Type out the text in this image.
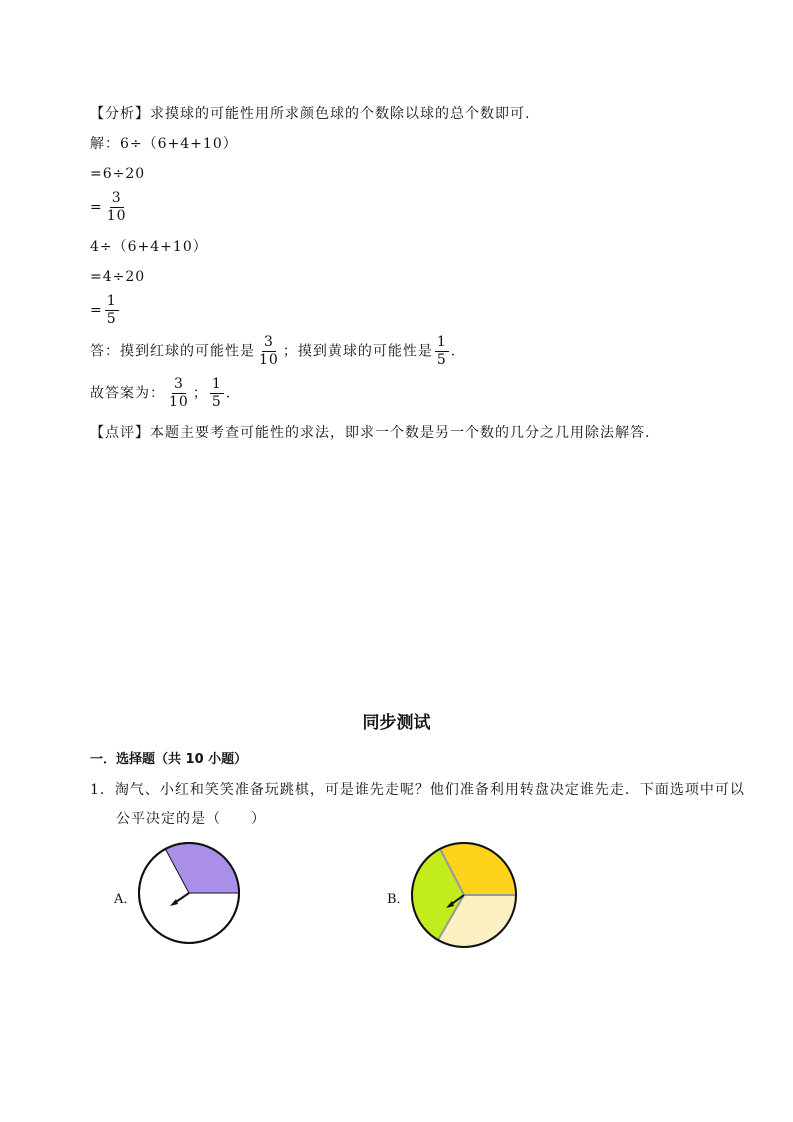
【分析】求摸球的可能性用所求颜色球的个数除以球的总个数即可.
解：6÷（6+4+10）
=6÷20
= $\frac{3}{10}$
4÷（6+4+10）
=4÷20
= $\frac{1}{5}$
答：摸到红球的可能性是 $\frac{3}{10}$ ；摸到黄球的可能性是 $\frac{1}{5}$ .
故答案为： $\frac{3}{10}$ ； $\frac{1}{5}$ .
【点评】本题主要考查可能性的求法，即求一个数是另一个数的几分之几用除法解答.
同步测试
一．选择题（共 10 小题）
1．淘气、小红和笑笑准备玩跳棋，可是谁先走呢？他们准备利用转盘决定谁先走．下面选项中可以
公平决定的是（　　）
A．	B．
